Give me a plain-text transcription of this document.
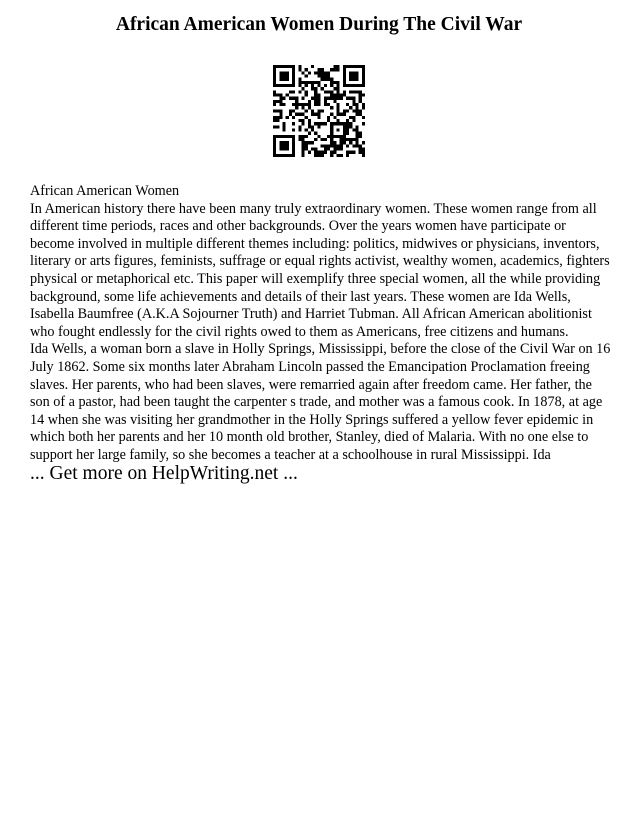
African American Women During The Civil War

African American Women

In American history there have been many truly extraordinary women. These women range from all different time periods, races and other backgrounds. Over the years women have participate or become involved in multiple different themes including: politics, midwives or physicians, inventors, literary or arts figures, feminists, suffrage or equal rights activist, wealthy women, academics, fighters physical or metaphorical etc. This paper will exemplify three special women, all the while providing background, some life achievements and details of their last years. These women are Ida Wells, Isabella Baumfree (A.K.A Sojourner Truth) and Harriet Tubman. All African American abolitionist who fought endlessly for the civil rights owed to them as Americans, free citizens and humans.

Ida Wells, a woman born a slave in Holly Springs, Mississippi, before the close of the Civil War on 16 July 1862. Some six months later Abraham Lincoln passed the Emancipation Proclamation freeing slaves. Her parents, who had been slaves, were remarried again after freedom came. Her father, the son of a pastor, had been taught the carpenter s trade, and mother was a famous cook. In 1878, at age 14 when she was visiting her grandmother in the Holly Springs suffered a yellow fever epidemic in which both her parents and her 10 month old brother, Stanley, died of Malaria. With no one else to support her large family, so she becomes a teacher at a schoolhouse in rural Mississippi. Ida

... Get more on HelpWriting.net ...
